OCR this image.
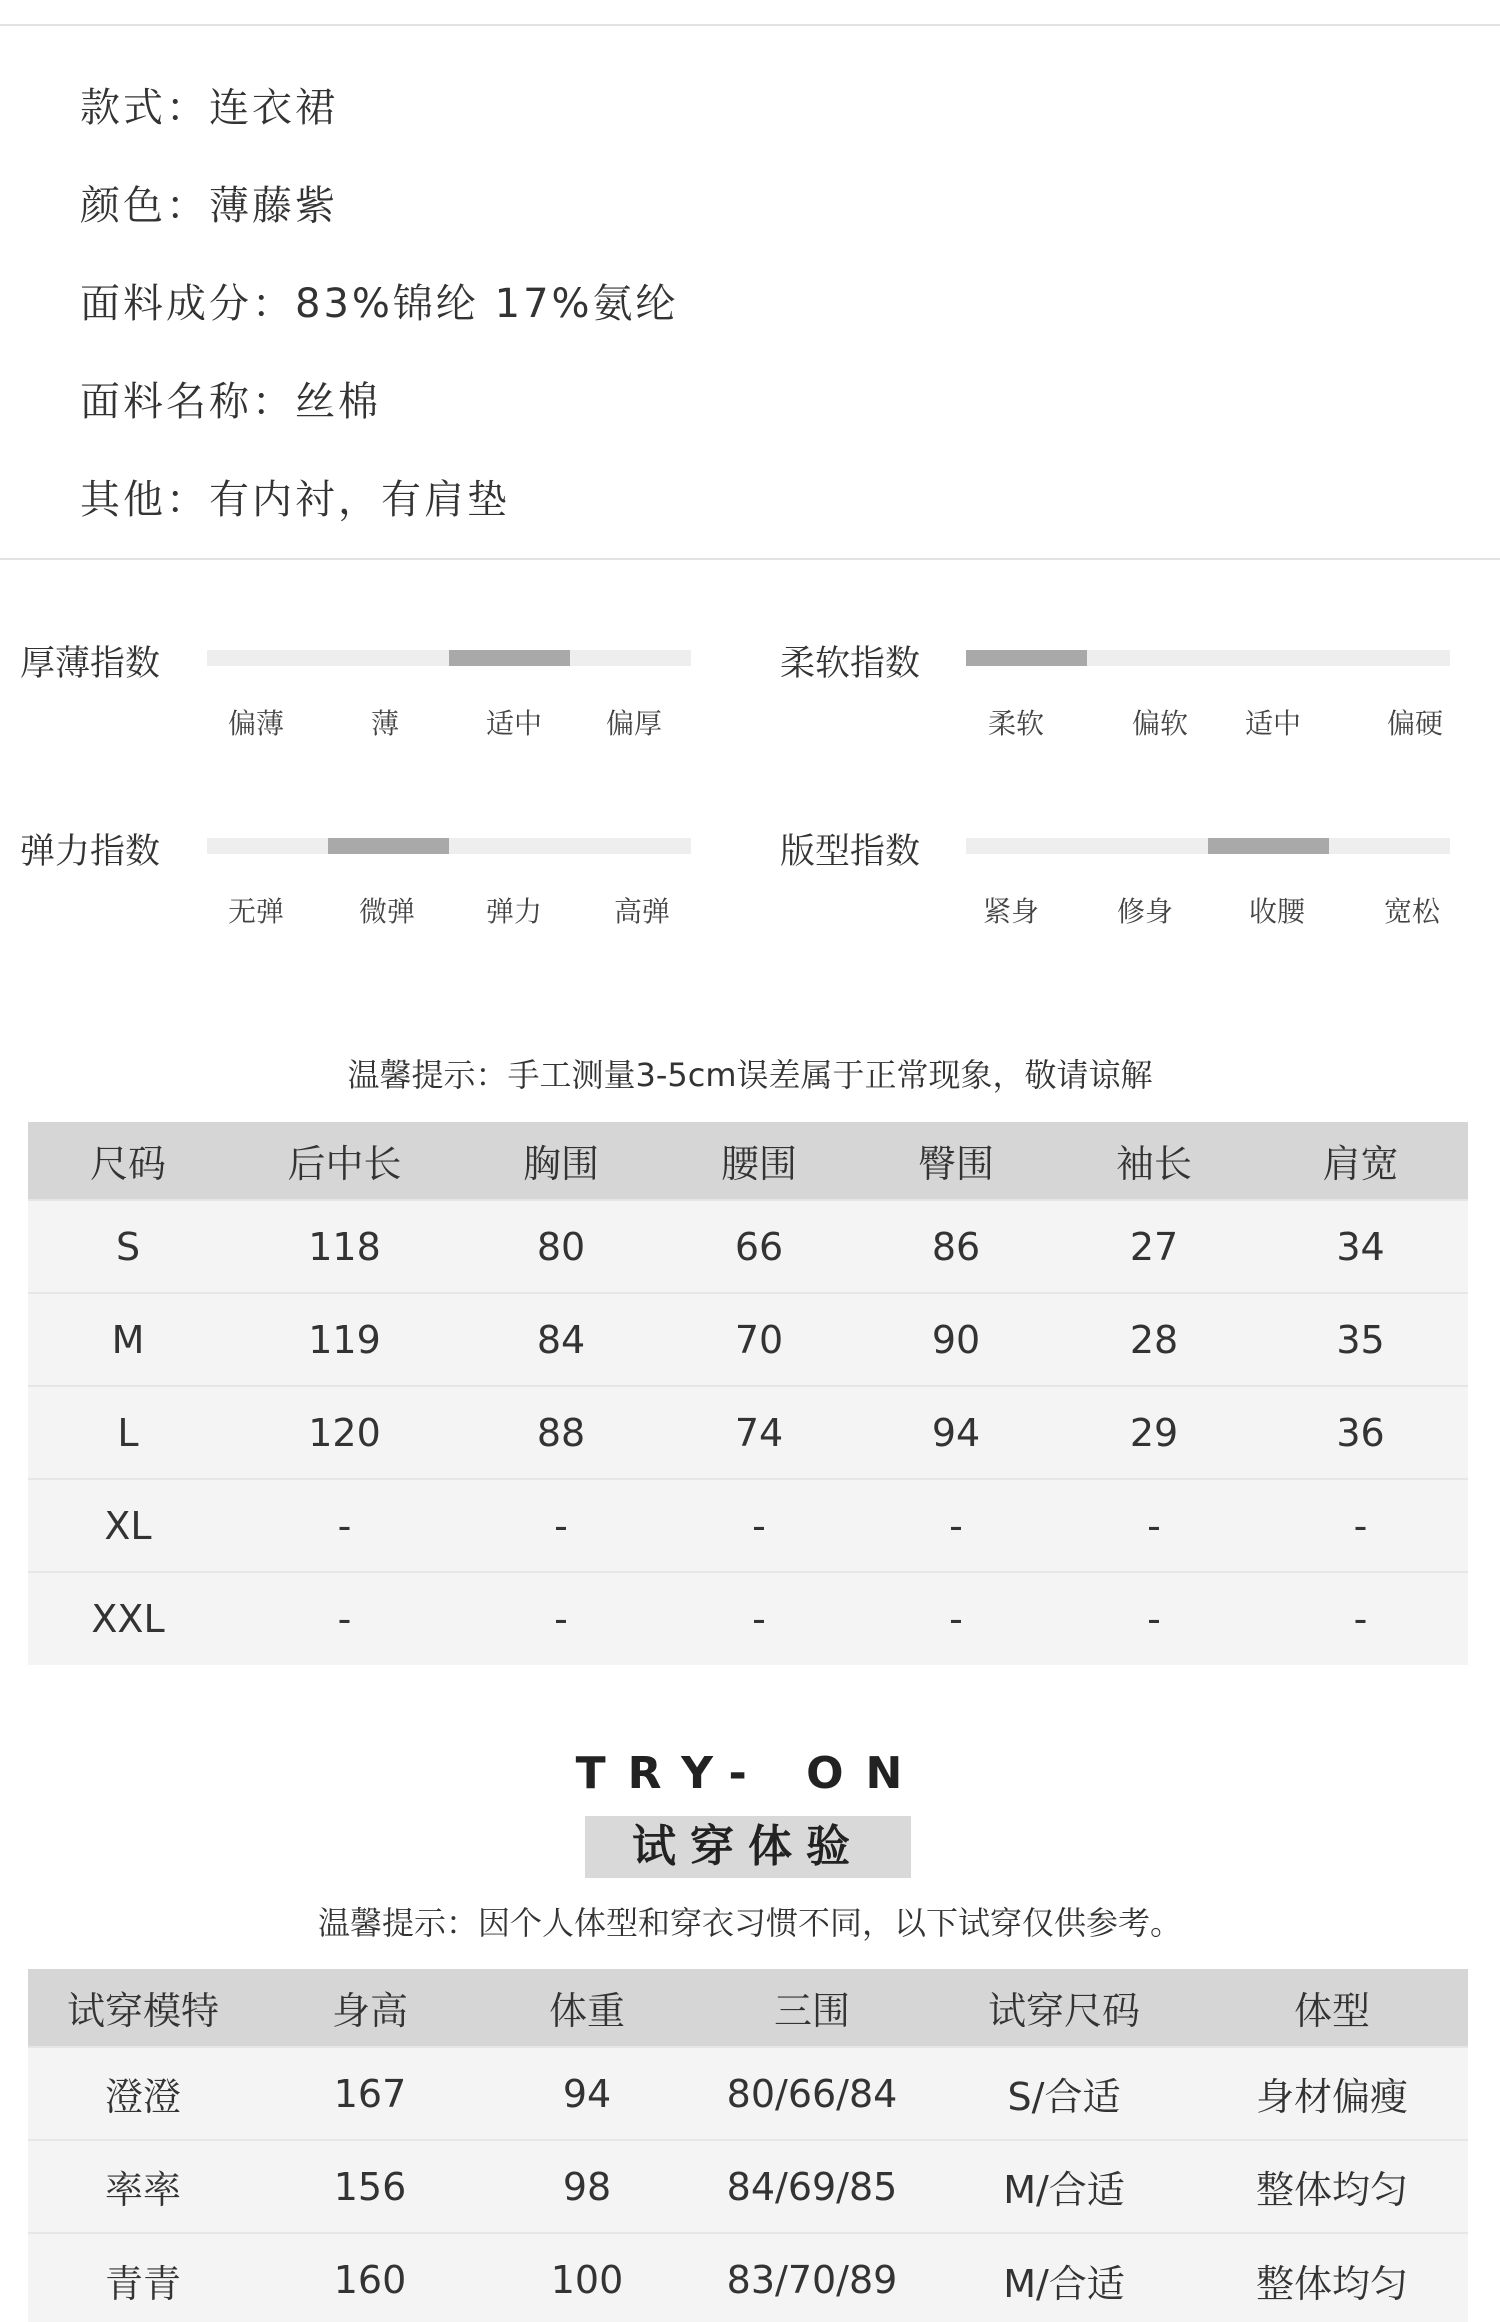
款式：连衣裙
颜色：薄藤紫
面料成分：83%锦纶 17%氨纶
面料名称：丝棉
其他：有内衬，有肩垫
厚薄指数
偏薄	薄	适中 偏厚
柔软指数
柔软	偏软 适中	偏硬
弹力指数
无弹	微弹	弹力	高弹
版型指数
紧身	修身	收腰	宽松
温馨提示：手工测量3-5cm误差属于正常现象，敬请谅解
尺码	后中长	胸围	腰围	臀围	袖长	肩宽
S	118	80	66	86	27	34
M	119	84	70	90	28	35
L	120	88	74	94	29	36
XL	-	-	-	-	-	-
XXL	-	-	-	-	-	-
TRY- ON
试穿体验
温馨提示：因个人体型和穿衣习惯不同，以下试穿仅供参考。
试穿模特	身高	体重	三围	试穿尺码	体型
澄澄	167	94	80/66/84	S/合适	身材偏瘦
率率	156	98	84/69/85	M/合适	整体均匀
青青	160	100	83/70/89	M/合适	整体均匀
